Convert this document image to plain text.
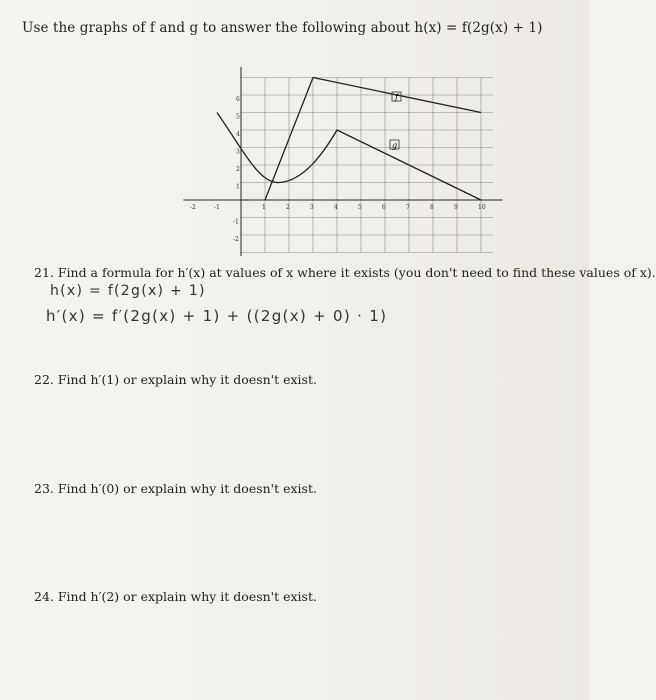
Use the graphs of f and g to answer the following about h(x) = f(2g(x) + 1)
-2	-1	1	2	3	4	5	6	7	8	9	10
6
5
4
3
2
1
-1
-2
f
g
21. Find a formula for h′(x) at values of x where it exists (you don't need to find these values of x).
h(x) = f(2g(x) + 1)
h′(x) = f′(2g(x) + 1) + ((2g(x) + 0) · 1)
22. Find h′(1) or explain why it doesn't exist.
23. Find h′(0) or explain why it doesn't exist.
24. Find h′(2) or explain why it doesn't exist.
